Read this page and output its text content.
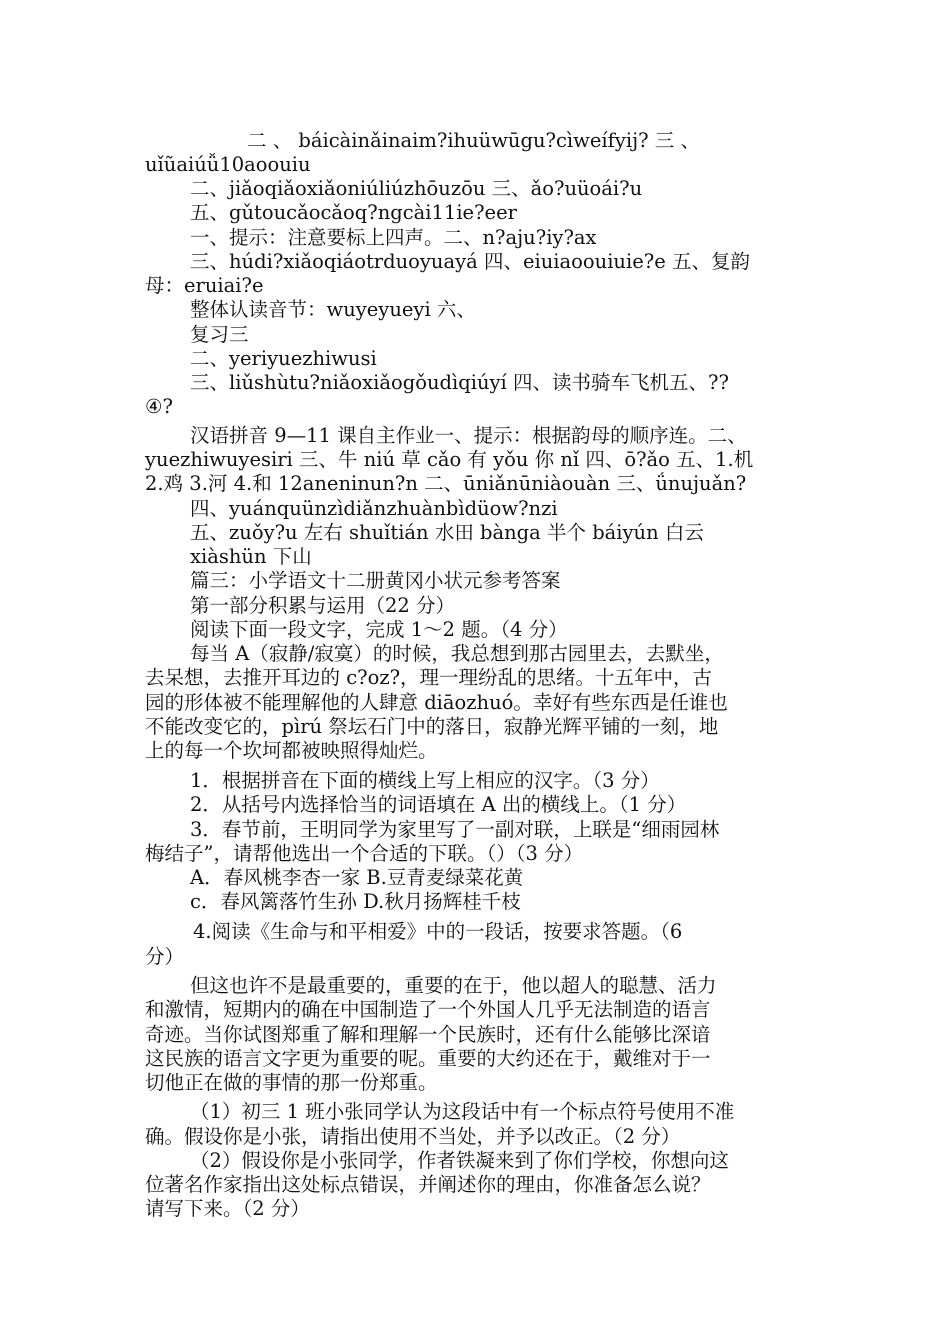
二 、 báicàinǎinaim?ihuüwūgu?cìweífyij? 三 、
uǐũaiúǚ10aoouiu
二、jiǎoqiǎoxiǎoniúliúzhōuzōu 三、ǎo?uüoái?u
五、gǔtoucǎocǎoq?ngcài11ie?eer
一、提示：注意要标上四声。二、n?aju?iy?ax
三、húdi?xiǎoqiáotrduoyuayá 四、eiuiaoouiuie?e 五、复韵
母：eruiai?e
整体认读音节：wuyeyueyi 六、
复习三
二、yeriyuezhiwusi
三、liǔshùtu?niǎoxiǎogǒudìqiúyí 四、读书骑车飞机五、??
④?
汉语拼音 9—11 课自主作业一、提示：根据韵母的顺序连。二、
yuezhiwuyesiri 三、牛 niú 草 cǎo 有 yǒu 你 nǐ 四、ō?ǎo 五、1.机
2.鸡 3.河 4.和 12aneninun?n 二、ūniǎnūniàouàn 三、ǘnujuǎn?
四、yuánquünzìdiǎnzhuànbìdüow?nzi
五、zuǒy?u 左右 shuǐtián 水田 bànga 半个 báiyún 白云
xiàshün 下山
篇三：小学语文十二册黄冈小状元参考答案
第一部分积累与运用（22 分）
阅读下面一段文字，完成 1～2 题。（4 分）
每当 A（寂静/寂寞）的时候，我总想到那古园里去，去默坐，
去呆想，去推开耳边的 c?oz?，理一理纷乱的思绪。十五年中，古
园的形体被不能理解他的人肆意 diāozhuó。幸好有些东西是任谁也
不能改变它的，pìrú 祭坛石门中的落日，寂静光辉平铺的一刻，地
上的每一个坎坷都被映照得灿烂。
1．根据拼音在下面的横线上写上相应的汉字。（3 分）
2．从括号内选择恰当的词语填在 A 出的横线上。（1 分）
3．春节前，王明同学为家里写了一副对联，上联是“细雨园林
梅结子”，请帮他选出一个合适的下联。（）（3 分）
A．春风桃李杏一家 B.豆青麦绿菜花黄
c．春风篱落竹生孙 D.秋月扬辉桂千枝
4.阅读《生命与和平相爱》中的一段话，按要求答题。（6
分）
但这也许不是最重要的，重要的在于，他以超人的聪慧、活力
和激情，短期内的确在中国制造了一个外国人几乎无法制造的语言
奇迹。当你试图郑重了解和理解一个民族时，还有什么能够比深谙
这民族的语言文字更为重要的呢。重要的大约还在于，戴维对于一
切他正在做的事情的那一份郑重。
（1）初三 1 班小张同学认为这段话中有一个标点符号使用不准
确。假设你是小张，请指出使用不当处，并予以改正。（2 分）
（2）假设你是小张同学，作者铁凝来到了你们学校，你想向这
位著名作家指出这处标点错误，并阐述你的理由，你准备怎么说？
请写下来。（2 分）
